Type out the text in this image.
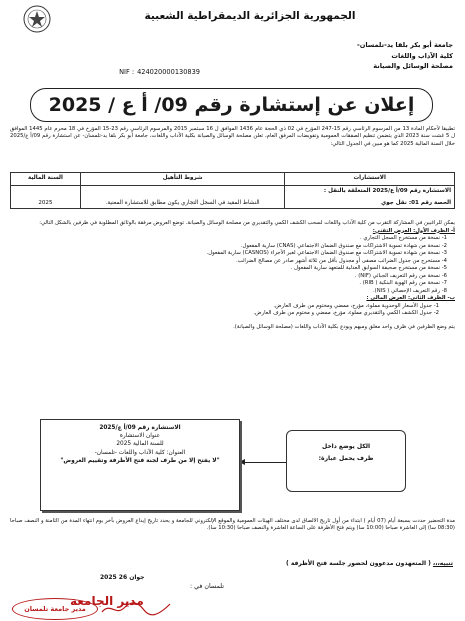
الجمهورية الجزائرية الديمقراطية الشعبية
جامعة أبو بكر بلقا يد-تلمسان-
كلية الآداب واللغات
مصلحة الوسائل والصيانة
NIF : 424020000130839
إعلان عن إستشارة رقم 09/ أ ع / 2025
تطبيقا لأحكام المادة 13 من المرسوم الرئاسي رقم 15-247 المؤرخ في 02 ذي الحجة عام 1436 الموافق ل 16 سبتمبر 2015 والمرسوم الرئاسي رقم 23-15 المؤرخ في 18 محرم عام 1445 الموافق ل 5 غشت سنة 2023 الذي يتضمن تنظيم الصفقات العمومية وتفويضات المرفق العام، تعلن مصلحة الوسائل والصيانة بكلية الآداب واللغات، جامعة أبو بكر بلقا يد-تلمسان- عن استشارة رقم 09/أ ع/2025 خلال السنة المالية 2025 كما هو مبين في الجدول التالي:
الاستشارات	شروط التأهيل	السنة المالية

الاستشارة رقم 09/أ ع/2025 المتعلقة بالنقل :
الحصة رقم 01: نقل جوي	النشاط المقيد في السجل التجاري يكون مطابق للاستشارة المعنية.	2025
يمكن للراغبين في المشاركة التقرب من كلية الآداب واللغات لسحب الكشف الكمي والتقديري من مصلحة الوسائل والصيانة. توضع العروض مرفقة بالوثائق المطلوبة في ظرفين بالشكل التالي:
أ- الظرف الأول: العرض التقني:
1- نسخة من مستخرج السجل التجاري .
2- نسخة من شهادة تسوية الاشتراكات مع صندوق الضمان الاجتماعي (CNAS) سارية المفعول.
3- نسخة من شهادة تسوية الاشتراكات مع صندوق الضمان الاجتماعي لغير الأجراء (CASNOS) سارية المفعول.
4- مستخرج من جدول الضرائب مصفى أو مجدول بأقل من ثلاثة أشهر صادر عن مصالح الضرائب.
5- نسخة من مستخرج صحيفة السوابق العدلية للمتعهد سارية المفعول .
6- نسخة من رقم التعريف الجبائي (NIF) .
7- نسخة من رقم الهوية البنكية ( RIB) .
8- رقم التعريف الإحصائي ( NIS).
ب- الظرف الثاني: العرض المالي :
1- جدول الأسعار الوحدوية مملوء، مؤرخ، ممضي ومختوم من طرف العارض.
2- جدول الكشف الكمي والتقديري مملوء، مؤرخ، ممضي و مختوم من طرف العارض.
يتم وضع الظرفين في ظرف واحد مغلق ومبهم ويودع بكلية الآداب واللغات (مصلحة الوسائل والصيانة).
الكل يوضع داخل
ظرف يحمل عبارة:
الاستشارة رقم 09/أ ع/2025
عنوان الاستشارة
للسنة المالية 2025
العنوان: كلية الآداب واللغات -تلمسان-
"لا يفتح إلا من طرف لجنة فتح الأظرفة وتقييم العروض"
مدة التحضير حددت بسبعة أيام (07 أيام ) ابتداء من أول تاريخ الالصاق لدى مختلف الهيئات العمومية والموقع الإلكتروني للجامعة و يحدد تاريخ إيداع العروض بآخر يوم انتهاء المدة من الثامنة و النصف صباحا (08:30 سا) إلى العاشرة صباحا (10:00 سا) ويتم فتح الأظرفة على الساعة العاشرة والنصف صباحا (10:30 سا).
تنبيه،،، ( المتعهدون مدعوون لحضور جلسة فتح الأظرفة )
2025 جوان 26
تلمسان في :
مدير الجامعة
مدير جامعة تلمسان
